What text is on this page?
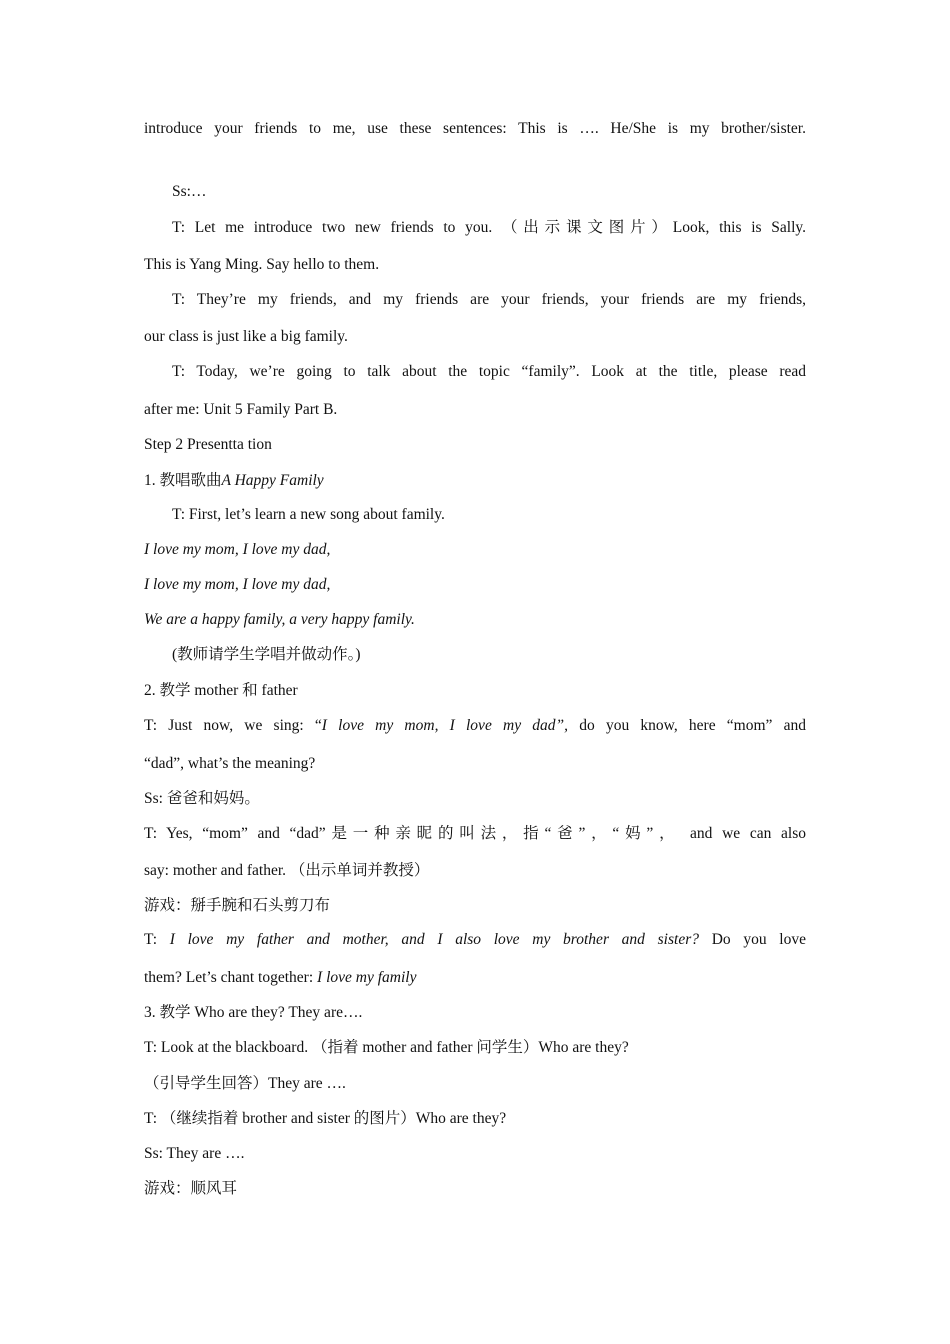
introduce your friends to me, use these sentences: This is …. He/She is my brother/sister.
Ss:…
T: Let me introduce two new friends to you. （出示课文图片）Look, this is Sally.
This is Yang Ming. Say hello to them.
T: They’re my friends, and my friends are your friends, your friends are my friends,
our class is just like a big family.
T: Today, we’re going to talk about the topic “family”. Look at the title, please read
after me: Unit 5 Family Part B.
Step 2 Presentta tion
1. 教唱歌曲A Happy Family
T: First, let’s learn a new song about family.
I love my mom, I love my dad,
I love my mom, I love my dad,
We are a happy family, a very happy family.
(教师请学生学唱并做动作。)
2. 教学 mother 和 father
T: Just now, we sing: “I love my mom, I love my dad”, do you know, here “mom” and
“dad”, what’s the meaning?
Ss: 爸爸和妈妈。
T: Yes, “mom” and “dad”是一种亲昵的叫法，指“爸”，“妈”， and we can also
say: mother and father. （出示单词并教授）
游戏：掰手腕和石头剪刀布
T: I love my father and mother, and I also love my brother and sister? Do you love
them? Let’s chant together: I love my family
3. 教学 Who are they? They are….
T: Look at the blackboard. （指着 mother and father 问学生）Who are they?
（引导学生回答）They are ….
T: （继续指着 brother and sister 的图片）Who are they?
Ss: They are ….
游戏：顺风耳
